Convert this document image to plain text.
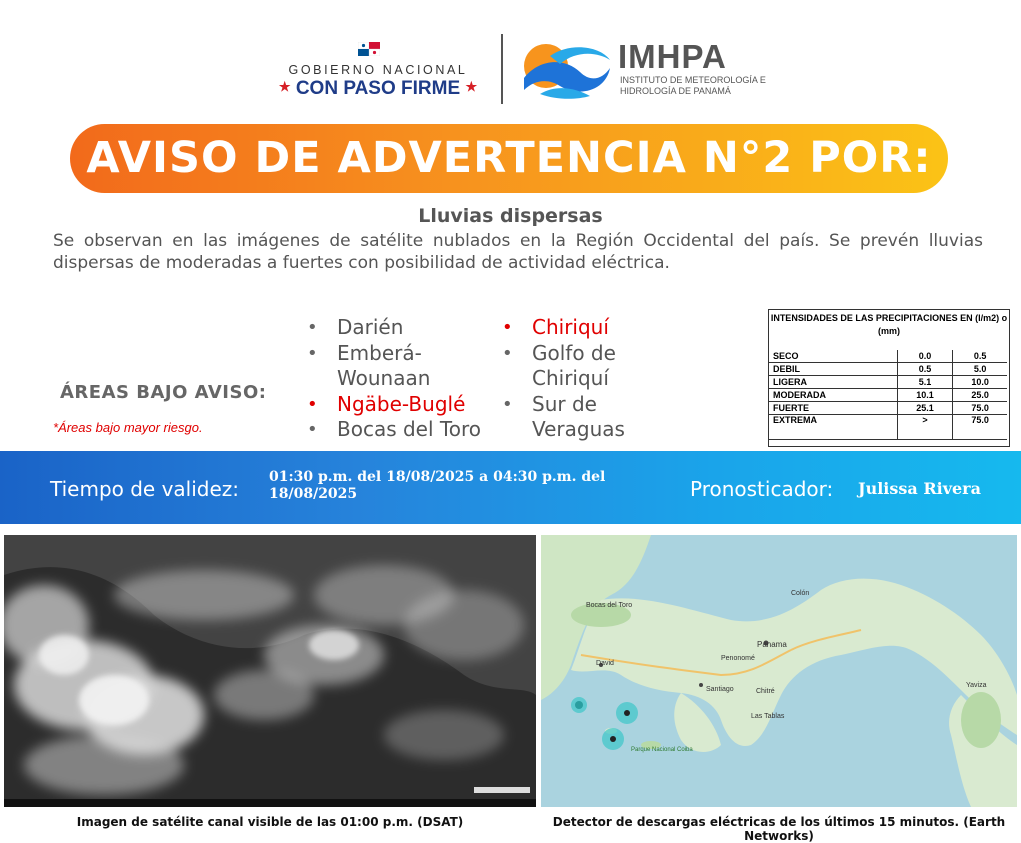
GOBIERNO NACIONAL
★ CON PASO FIRME ★
IMHPA
INSTITUTO DE METEOROLOGÍA E HIDROLOGÍA DE PANAMÁ
AVISO DE ADVERTENCIA N°2 POR:
Lluvias dispersas
Se observan en las imágenes de satélite nublados en la Región Occidental del país. Se prevén lluvias dispersas de moderadas a fuertes con posibilidad de actividad eléctrica.
ÁREAS BAJO AVISO:
*Áreas bajo mayor riesgo.
• Darién
• Emberá-Wounaan
• Ngäbe-Buglé
• Bocas del Toro
• Chiriquí
• Golfo de Chiriquí
• Sur de Veraguas
INTENSIDADES DE LAS PRECIPITACIONES EN (l/m2) o (mm)
SECO	0.0	0.5
DEBIL	0.5	5.0
LIGERA	5.1	10.0
MODERADA	10.1	25.0
FUERTE	25.1	75.0
EXTREMA	>	75.0
Tiempo de validez: 01:30 p.m. del 18/08/2025 a 04:30 p.m. del 18/08/2025	Pronosticador: Julissa Rivera
Imagen de satélite canal visible de las 01:00 p.m. (DSAT)
Bocas del Toro
Panama
Colón
David
Santiago
Las Tablas
Penonomé
Chitré
Yaviza
Parque Nacional Coiba
Detector de descargas eléctricas de los últimos 15 minutos. (Earth Networks)
